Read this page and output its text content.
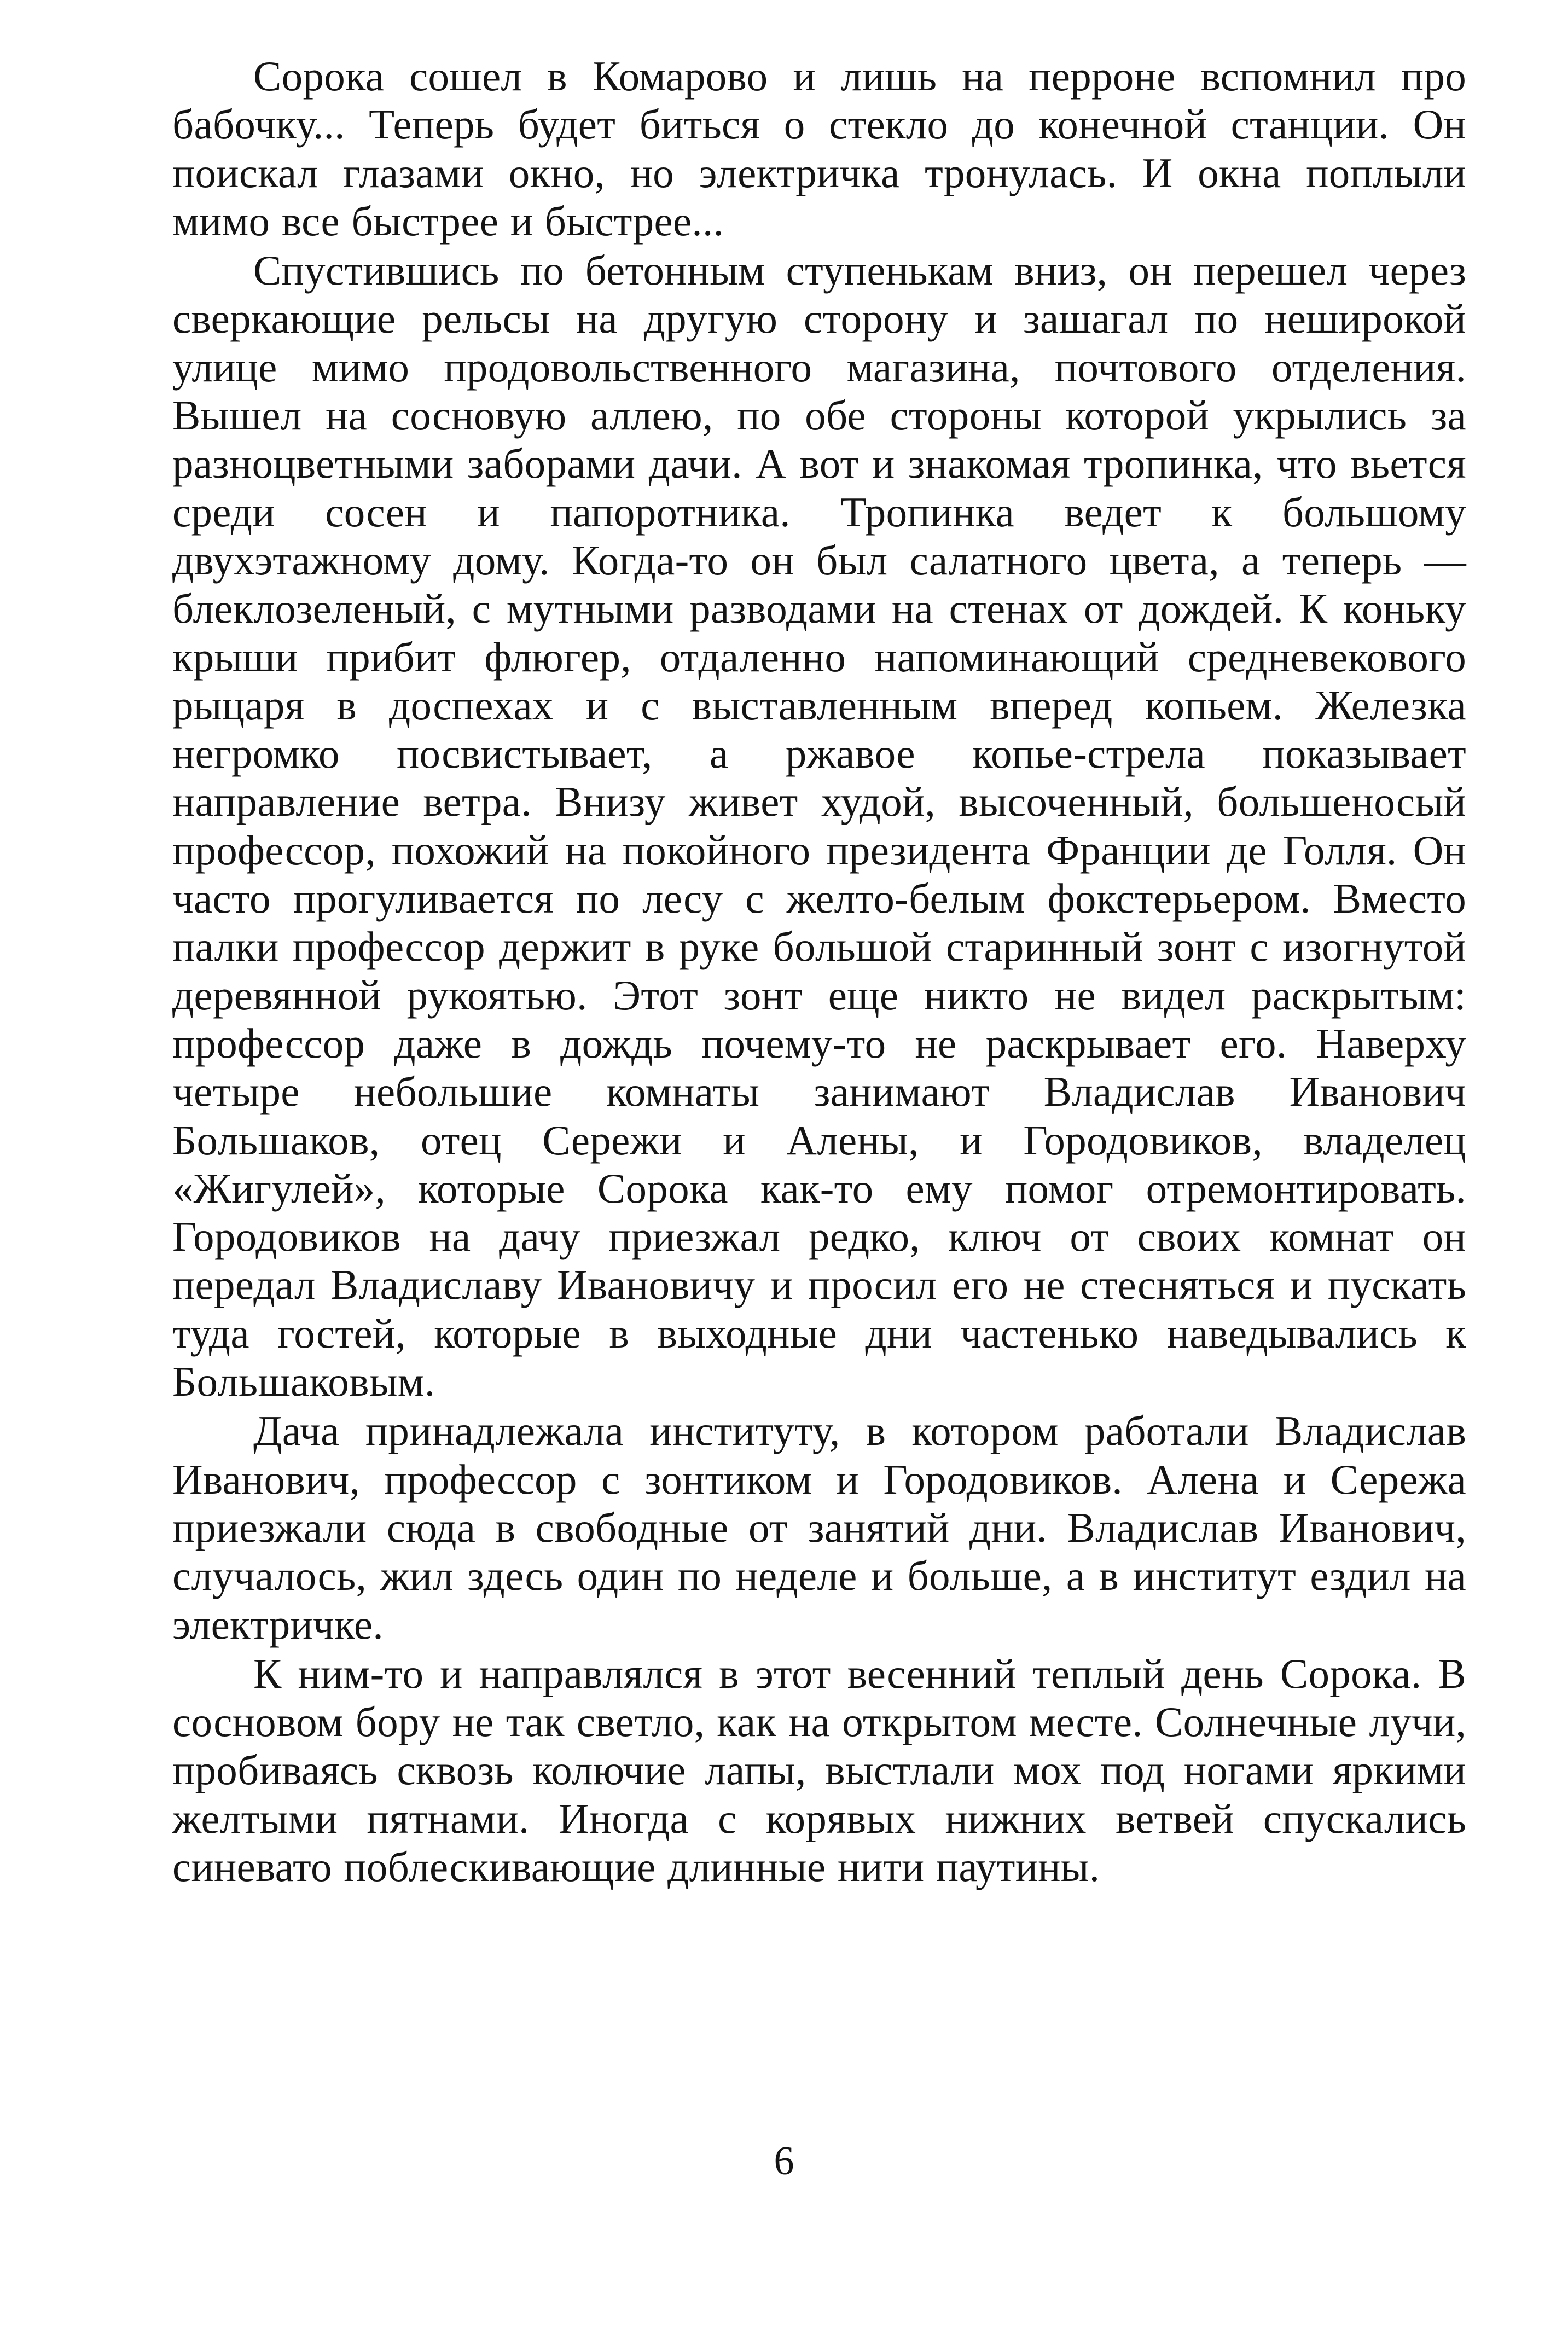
Сорока сошел в Комарово и лишь на перроне вспомнил про бабочку... Теперь будет биться о стекло до конечной станции. Он поискал глазами окно, но электричка тронулась. И окна поплыли мимо все быстрее и быстрее...

Спустившись по бетонным ступенькам вниз, он перешел через сверкающие рельсы на другую сторону и зашагал по неширокой улице мимо продовольственного магазина, почтового отделения. Вышел на сосновую аллею, по обе стороны которой укрылись за разноцветными заборами дачи. А вот и знакомая тропинка, что вьется среди сосен и папоротника. Тропинка ведет к большому двухэтажному дому. Когда-то он был салатного цвета, а теперь — блеклозеленый, с мутными разводами на стенах от дождей. К коньку крыши прибит флюгер, отдаленно напоминающий средневекового рыцаря в доспехах и с выставленным вперед копьем. Железка негромко посвистывает, а ржавое копье-стрела показывает направление ветра. Внизу живет худой, высоченный, большеносый профессор, похожий на покойного президента Франции де Голля. Он часто прогуливается по лесу с желто-белым фокстерьером. Вместо палки профессор держит в руке большой старинный зонт с изогнутой деревянной рукоятью. Этот зонт еще никто не видел раскрытым: профессор даже в дождь почему-то не раскрывает его. Наверху четыре небольшие комнаты занимают Владислав Иванович Большаков, отец Сережи и Алены, и Городовиков, владелец «Жигулей», которые Сорока как-то ему помог отремонтировать. Городовиков на дачу приезжал редко, ключ от своих комнат он передал Владиславу Ивановичу и просил его не стесняться и пускать туда гостей, которые в выходные дни частенько наведывались к Большаковым.

Дача принадлежала институту, в котором работали Владислав Иванович, профессор с зонтиком и Городовиков. Алена и Сережа приезжали сюда в свободные от занятий дни. Владислав Иванович, случалось, жил здесь один по неделе и больше, а в институт ездил на электричке.

К ним-то и направлялся в этот весенний теплый день Сорока. В сосновом бору не так светло, как на открытом месте. Солнечные лучи, пробиваясь сквозь колючие лапы, выстлали мох под ногами яркими желтыми пятнами. Иногда с корявых нижних ветвей спускались синевато поблескивающие длинные нити паутины.

6
